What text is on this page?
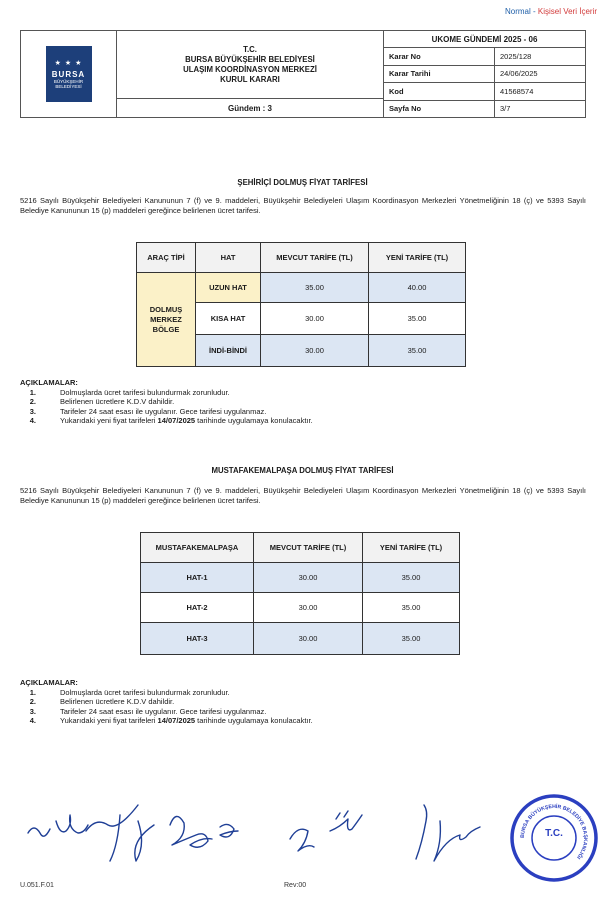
Normal - Kişisel Veri İçerir
★ ★ ★
BURSA
BÜYÜKŞEHİR
BELEDİYESİ
T.C.
BURSA BÜYÜKŞEHİR BELEDİYESİ
ULAŞIM KOORDİNASYON MERKEZİ
KURUL KARARI
Gündem : 3
UKOME GÜNDEMİ 2025 - 06
Karar No	2025/128
Karar Tarihi	24/06/2025
Kod	41568574
Sayfa No	3/7
ŞEHİRİÇİ DOLMUŞ FİYAT TARİFESİ
5216 Sayılı Büyükşehir Belediyeleri Kanununun 7 (f) ve 9. maddeleri, Büyükşehir Belediyeleri Ulaşım Koordinasyon Merkezleri Yönetmeliğinin 18 (ç) ve 5393 Sayılı Belediye Kanununun 15 (p) maddeleri gereğince belirlenen ücret tarifesi.
ARAÇ TİPİ	HAT	MEVCUT TARİFE (TL)	YENİ TARİFE (TL)

DOLMUŞ MERKEZ BÖLGE	UZUN HAT	35.00	40.00
	KISA HAT	30.00	35.00
	İNDİ-BİNDİ	30.00	35.00
AÇIKLAMALAR:
1.	Dolmuşlarda ücret tarifesi bulundurmak zorunludur.
2.	Belirlenen ücretlere K.D.V dahildir.
3.	Tarifeler 24 saat esası ile uygulanır. Gece tarifesi uygulanmaz.
4.	Yukarıdaki yeni fiyat tarifeleri 14/07/2025 tarihinde uygulamaya konulacaktır.
MUSTAFAKEMALPAŞA DOLMUŞ FİYAT TARİFESİ
5216 Sayılı Büyükşehir Belediyeleri Kanununun 7 (f) ve 9. maddeleri, Büyükşehir Belediyeleri Ulaşım Koordinasyon Merkezleri Yönetmeliğinin 18 (ç) ve 5393 Sayılı Belediye Kanununun 15 (p) maddeleri gereğince belirlenen ücret tarifesi.
MUSTAFAKEMALPAŞA	MEVCUT TARİFE (TL)	YENİ TARİFE (TL)
HAT-1	30.00	35.00
HAT-2	30.00	35.00
HAT-3	30.00	35.00
AÇIKLAMALAR:
1.	Dolmuşlarda ücret tarifesi bulundurmak zorunludur.
2.	Belirlenen ücretlere K.D.V dahildir.
3.	Tarifeler 24 saat esası ile uygulanır. Gece tarifesi uygulanmaz.
4.	Yukarıdaki yeni fiyat tarifeleri 14/07/2025 tarihinde uygulamaya konulacaktır.
T.C.
BURSA BÜYÜKŞEHİR BELEDİYE BAŞKANLIĞI
U.051.F.01	Rev:00
